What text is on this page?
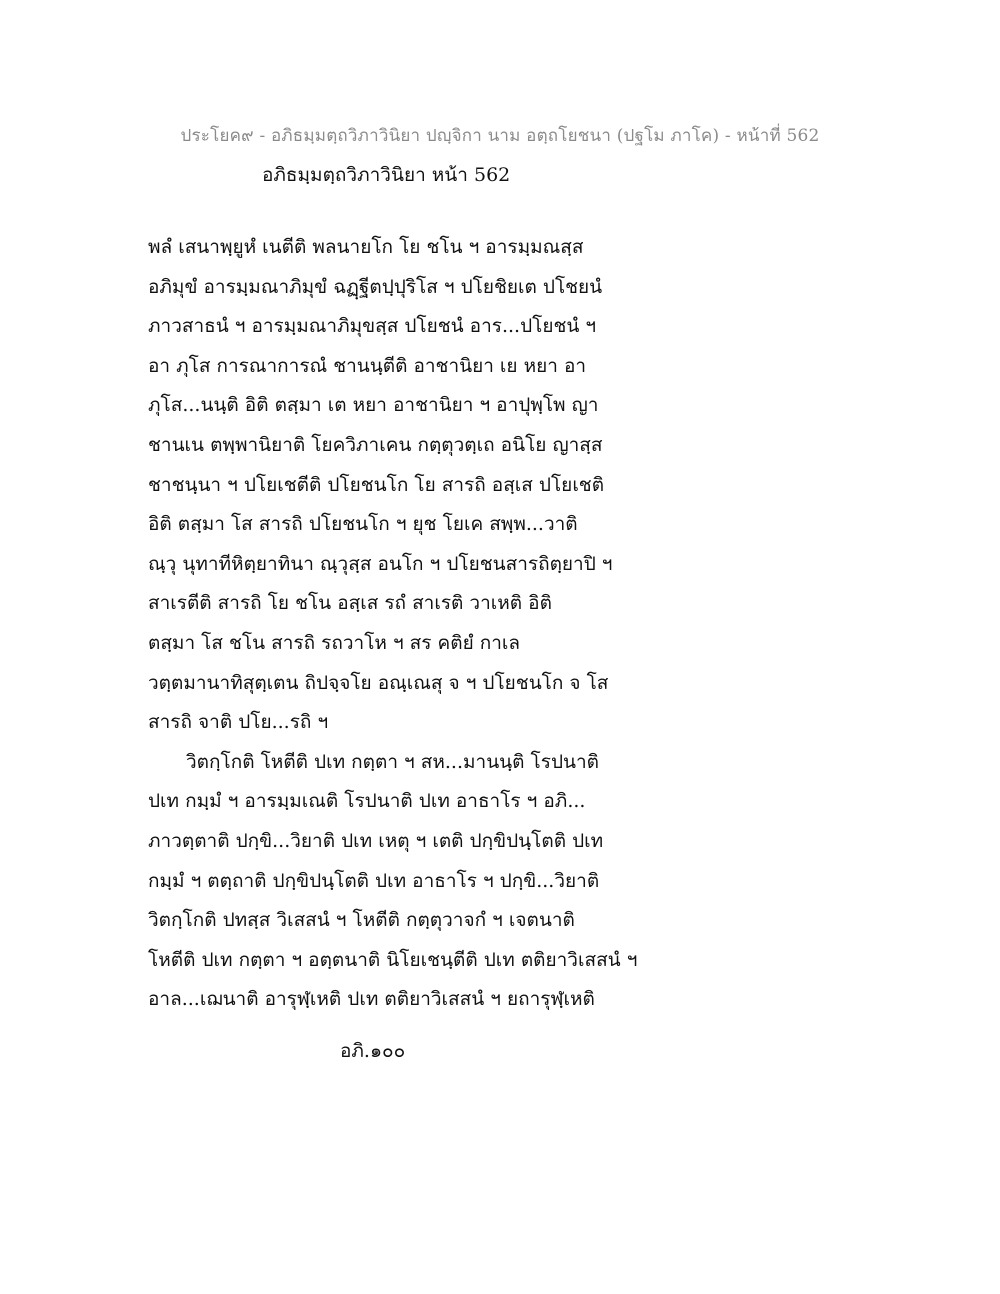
ประโยค๙ - อภิธมฺมตฺถวิภาวินิยา ปญฺจิกา นาม อตฺถโยชนา (ปฐโม ภาโค) - หน้าที่ 562
อภิธมฺมตฺถวิภาวินิยา หน้า 562
พลํ เสนาพฺยูหํ เนตีติ พลนายโก โย ชโน ฯ อารมฺมณสฺส
อภิมุขํ อารมฺมณาภิมุขํ ฉฏฺฐีตปฺปุริโส ฯ ปโยชิยเต ปโชยนํ
ภาวสาธนํ ฯ อารมฺมณาภิมุขสฺส ปโยชนํ อาร...ปโยชนํ ฯ
อา ภุโส การณาการณํ ชานนฺตีติ อาชานิยา เย หยา อา
ภุโส...นนฺติ อิติ ตสฺมา เต หยา อาชานิยา ฯ อาปุพฺโพ ญา
ชานเน ตพฺพานิยาติ โยควิภาเคน กตฺตุวตฺเถ อนิโย ญาสฺส
ชาชนฺนา ฯ ปโยเชตีติ ปโยชนโก โย สารถิ อสฺเส ปโยเชติ
อิติ ตสฺมา โส สารถิ ปโยชนโก ฯ ยุช โยเค สพฺพ...วาติ
ณฺวุ นุทาทีหิตฺยาทินา ณฺวุสฺส อนโก ฯ ปโยชนสารถิตฺยาปิ ฯ
สาเรตีติ สารถิ โย ชโน อสฺเส รถํ สาเรติ วาเหติ อิติ
ตสฺมา โส ชโน สารถิ รถวาโห ฯ สร คติยํ กาเล
วตฺตมานาทิสุตฺเตน ถิปจฺจโย อณฺเณสุ จ ฯ ปโยชนโก จ โส
สารถิ จาติ ปโย...รถิ ฯ
วิตกฺโกติ โหตีติ ปเท กตฺตา ฯ สห...มานนฺติ โรปนาติ
ปเท กมฺมํ ฯ อารมฺมเณติ โรปนาติ ปเท อาธาโร ฯ อภิ...
ภาวตฺตาติ ปกฺขิ...วิยาติ ปเท เหตุ ฯ เตติ ปกฺขิปนฺโตติ ปเท
กมฺมํ ฯ ตตฺถาติ ปกฺขิปนฺโตติ ปเท อาธาโร ฯ ปกฺขิ...วิยาติ
วิตกฺโกติ ปทสฺส วิเสสนํ ฯ โหตีติ กตฺตุวาจกํ ฯ เจตนาติ
โหตีติ ปเท กตฺตา ฯ อตฺตนาติ นิโยเชนฺตีติ ปเท ตติยาวิเสสนํ ฯ
อาล...เฌนาติ อารุฬฺเหติ ปเท ตติยาวิเสสนํ ฯ ยถารุฬฺเหติ
อภิ.๑๐๐
